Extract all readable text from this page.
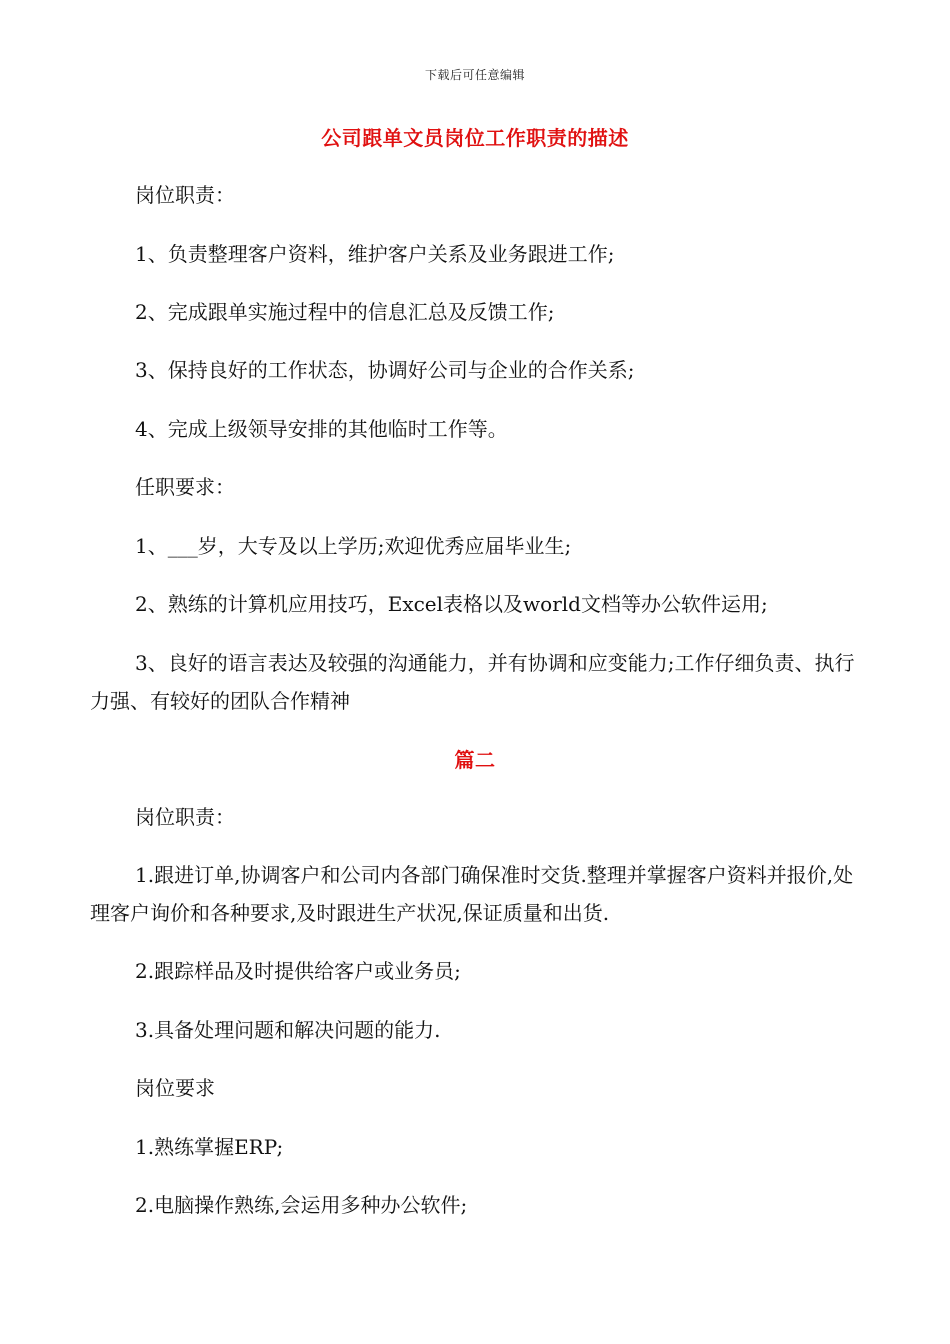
下载后可任意编辑
公司跟单文员岗位工作职责的描述
岗位职责：
1、负责整理客户资料，维护客户关系及业务跟进工作;
2、完成跟单实施过程中的信息汇总及反馈工作;
3、保持良好的工作状态，协调好公司与企业的合作关系;
4、完成上级领导安排的其他临时工作等。
任职要求：
1、___岁，大专及以上学历;欢迎优秀应届毕业生;
2、熟练的计算机应用技巧，Excel表格以及world文档等办公软件运用;
3、良好的语言表达及较强的沟通能力，并有协调和应变能力;工作仔细负责、执行力强、有较好的团队合作精神
篇二
岗位职责：
1.跟进订单,协调客户和公司内各部门确保准时交货.整理并掌握客户资料并报价,处理客户询价和各种要求,及时跟进生产状况,保证质量和出货.
2.跟踪样品及时提供给客户或业务员;
3.具备处理问题和解决问题的能力.
岗位要求
1.熟练掌握ERP;
2.电脑操作熟练,会运用多种办公软件;
